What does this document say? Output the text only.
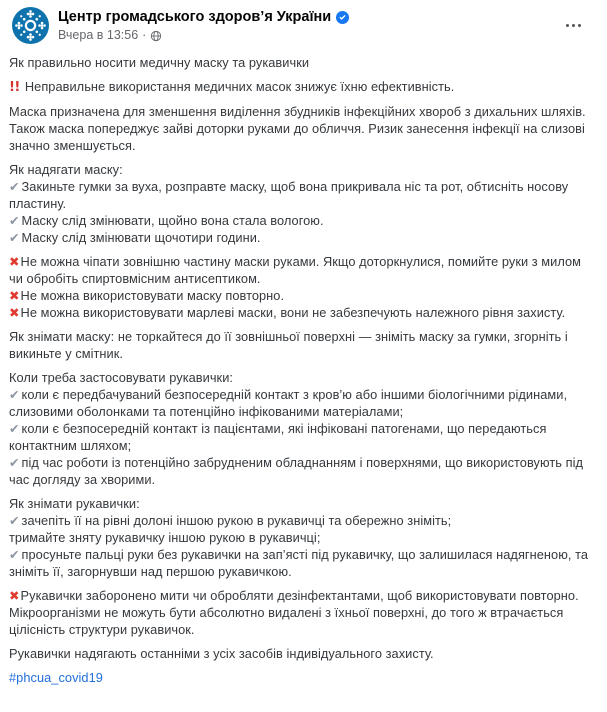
Центр громадського здоров’я України
Вчера в 13:56 ·
Як правильно носити медичну маску та рукавички
!! Неправильне використання медичних масок знижує їхню ефективність.
Маска призначена для зменшення виділення збудників інфекційних хвороб з дихальних шляхів. Також маска попереджує зайві доторки руками до обличчя. Ризик занесення інфекції на слизові значно зменшується.
Як надягати маску:
✔ Закиньте гумки за вуха, розправте маску, щоб вона прикривала ніс та рот, обтисніть носову пластину.
✔ Маску слід змінювати, щойно вона стала вологою.
✔ Маску слід змінювати щочотири години.
✖Не можна чіпати зовнішню частину маски руками. Якщо доторкнулися, помийте руки з милом чи обробіть спиртовмісним антисептиком.
✖Не можна використовувати маску повторно.
✖Не можна використовувати марлеві маски, вони не забезпечують належного рівня захисту.
Як знімати маску: не торкайтеся до її зовнішньої поверхні — зніміть маску за гумки, згорніть і викиньте у смітник.
Коли треба застосовувати рукавички:
✔ коли є передбачуваний безпосередній контакт з кров’ю або іншими біологічними рідинами, слизовими оболонками та потенційно інфікованими матеріалами;
✔ коли є безпосередній контакт із пацієнтами, які інфіковані патогенами, що передаються контактним шляхом;
✔ під час роботи із потенційно забрудненим обладнанням і поверхнями, що використовують під час догляду за хворими.
Як знімати рукавички:
✔ зачепіть її на рівні долоні іншою рукою в рукавичці та обережно зніміть;
тримайте зняту рукавичку іншою рукою в рукавичці;
✔ просуньте пальці руки без рукавички на зап’ясті під рукавичку, що залишилася надягненою, та зніміть її, загорнувши над першою рукавичкою.
✖Рукавички заборонено мити чи обробляти дезінфектантами, щоб використовувати повторно. Мікроорганізми не можуть бути абсолютно видалені з їхньої поверхні, до того ж втрачається цілісність структури рукавичок.
Рукавички надягають останніми з усіх засобів індивідуального захисту.
#phcua_covid19
